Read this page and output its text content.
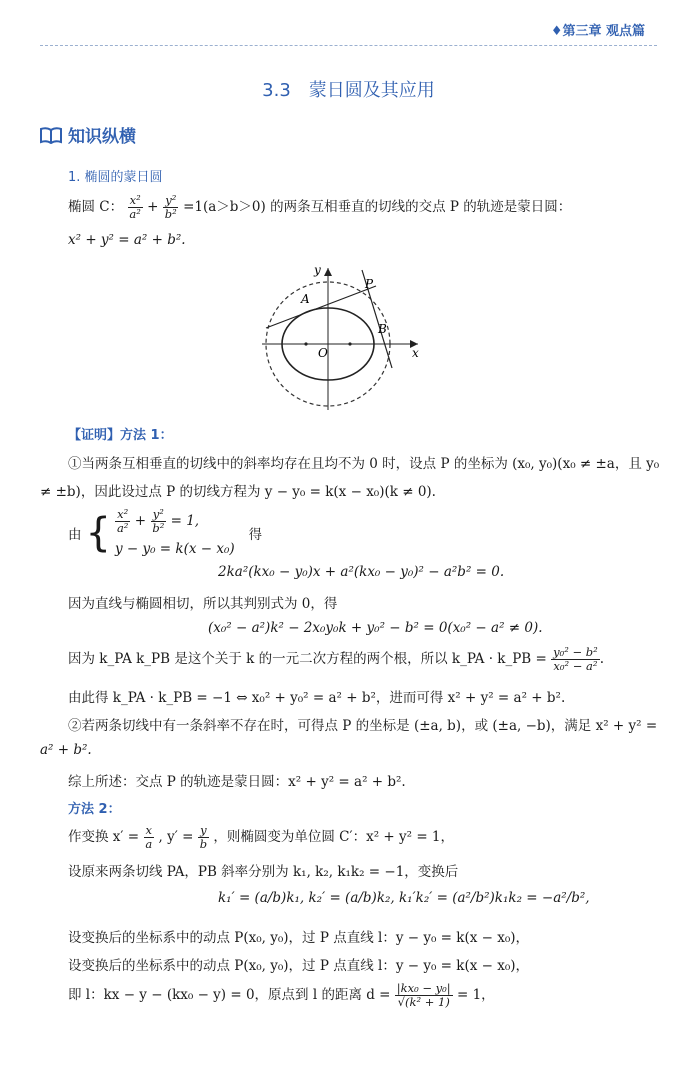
♦第三章 观点篇
3.3　蒙日圆及其应用
知识纵横
1. 椭圆的蒙日圆
椭圆 C： $\frac{\text{x²}}{\text{a²}} + \frac{\text{y²}}{\text{b²}} =1(a>b>0)$ 的两条互相垂直的切线的交点 P 的轨迹是蒙日圆：
x² + y² = a² + b².
y
x
O
A
B
P
【证明】方法 1：
①当两条互相垂直的切线中的斜率均存在且均不为 0 时，设点 P 的坐标为 (x₀, y₀)(x₀ ≠ ±a，且 y₀
≠ ±b)，因此设过点 P 的切线方程为 y − y₀ = k(x − x₀)(k ≠ 0).
由 { $\frac{\text{x²}}{\text{a²}} + \frac{\text{y²}}{\text{b²}} = 1$,
y − y₀ = k(x − x₀)
得
2ka²(kx₀ − y₀)x + a²(kx₀ − y₀)² − a²b² = 0.
因为直线与椭圆相切，所以其判别式为 0，得
(x₀² − a²)k² − 2x₀y₀k + y₀² − b² = 0(x₀² − a² ≠ 0).
因为 k_PA k_PB 是这个关于 k 的一元二次方程的两个根，所以 k_PA · k_PB = $\frac{\text{y₀² − b²}}{\text{x₀² − a²}}$ .
由此得 k_PA · k_PB = −1 ⇔ x₀² + y₀² = a² + b²，进而可得 x² + y² = a² + b².
②若两条切线中有一条斜率不存在时，可得点 P 的坐标是 (±a, b)，或 (±a, −b)，满足 x² + y² =
a² + b².
综上所述：交点 P 的轨迹是蒙日圆：x² + y² = a² + b².
方法 2：
作变换 $x' = \frac{x}{a}$ , $y' = \frac{y}{b}$ ，则椭圆变为单位圆 C′：x² + y² = 1，
设原来两条切线 PA，PB 斜率分别为 k₁, k₂, k₁k₂ = −1，变换后
k₁′ = (a/b)k₁, k₂′ = (a/b)k₂, k₁′k₂′ = (a²/b²)k₁k₂ = −a²/b²,
设变换后的坐标系中的动点 P(x₀, y₀)，过 P 点直线 l：y − y₀ = k(x − x₀)，
设变换后的坐标系中的动点 P(x₀, y₀)，过 P 点直线 l：y − y₀ = k(x − x₀)，
即 l：kx − y − (kx₀ − y) = 0，原点到 l 的距离 $d = \frac{\text{|kx₀ − y₀|}}{\text{√(k² + 1)}} = 1$，
